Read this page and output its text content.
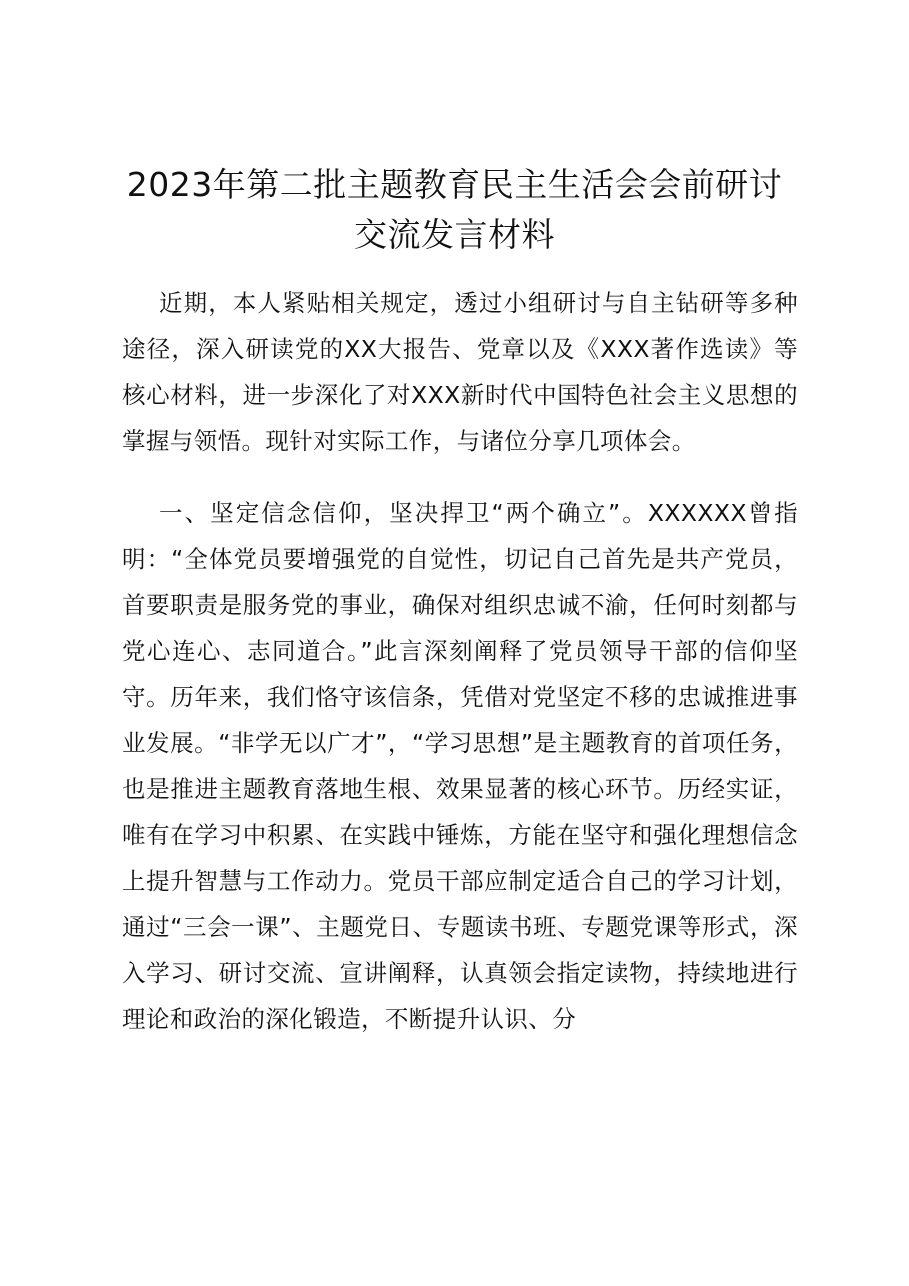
2023年第二批主题教育民主生活会会前研讨
交流发言材料

近期，本人紧贴相关规定，透过小组研讨与自主钻研等多种途径，深入研读党的XX大报告、党章以及《XXX著作选读》等核心材料，进一步深化了对XXX新时代中国特色社会主义思想的掌握与领悟。现针对实际工作，与诸位分享几项体会。

一、坚定信念信仰，坚决捍卫“两个确立”。XXXXXX曾指明：“全体党员要增强党的自觉性，切记自己首先是共产党员，首要职责是服务党的事业，确保对组织忠诚不渝，任何时刻都与党心连心、志同道合。”此言深刻阐释了党员领导干部的信仰坚守。历年来，我们恪守该信条，凭借对党坚定不移的忠诚推进事业发展。“非学无以广才”，“学习思想”是主题教育的首项任务，也是推进主题教育落地生根、效果显著的核心环节。历经实证，唯有在学习中积累、在实践中锤炼，方能在坚守和强化理想信念上提升智慧与工作动力。党员干部应制定适合自己的学习计划，通过“三会一课”、主题党日、专题读书班、专题党课等形式，深入学习、研讨交流、宣讲阐释，认真领会指定读物，持续地进行理论和政治的深化锻造，不断提升认识、分
